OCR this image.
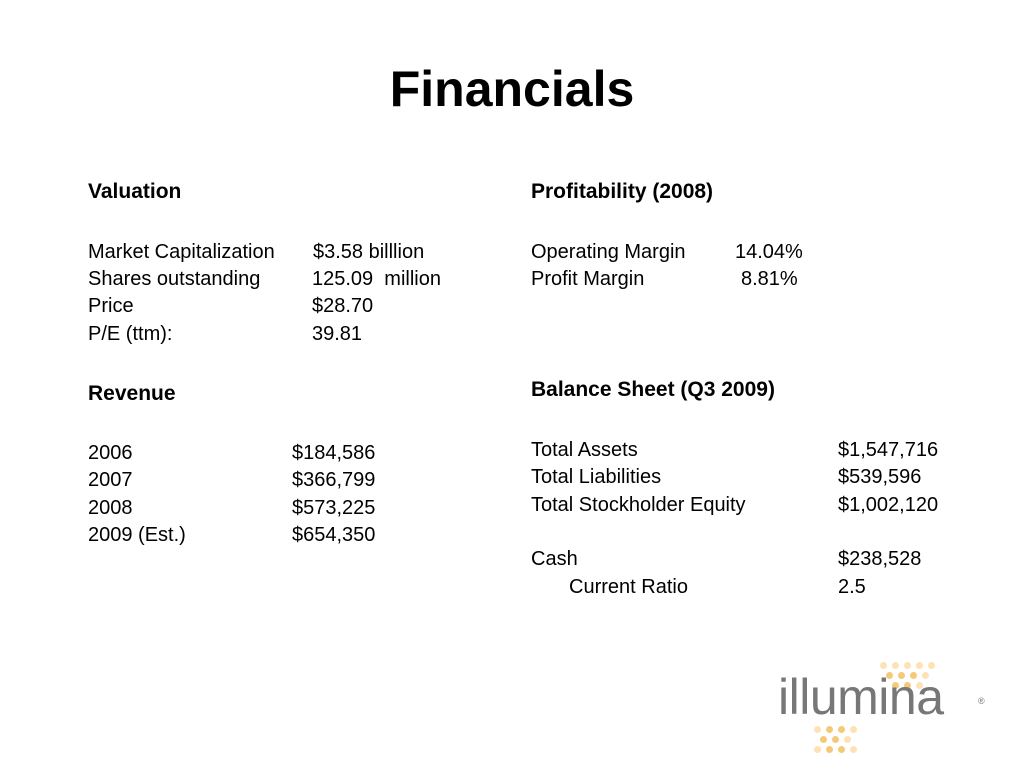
Financials
Valuation
Market Capitalization $3.58 billlion
Shares outstanding	125.09  million
Price	$28.70
P/E (ttm):	39.81
Revenue
2006	$184,586
2007	$366,799
2008	$573,225
2009 (Est.)	$654,350
Profitability (2008)
Operating Margin 14.04%
Profit Margin	8.81%
Balance Sheet (Q3 2009)
Total Assets	$1,547,716
Total Liabilities	$539,596
Total Stockholder Equity	$1,002,120
Cash	$238,528
Current Ratio	2.5
illumina	®
